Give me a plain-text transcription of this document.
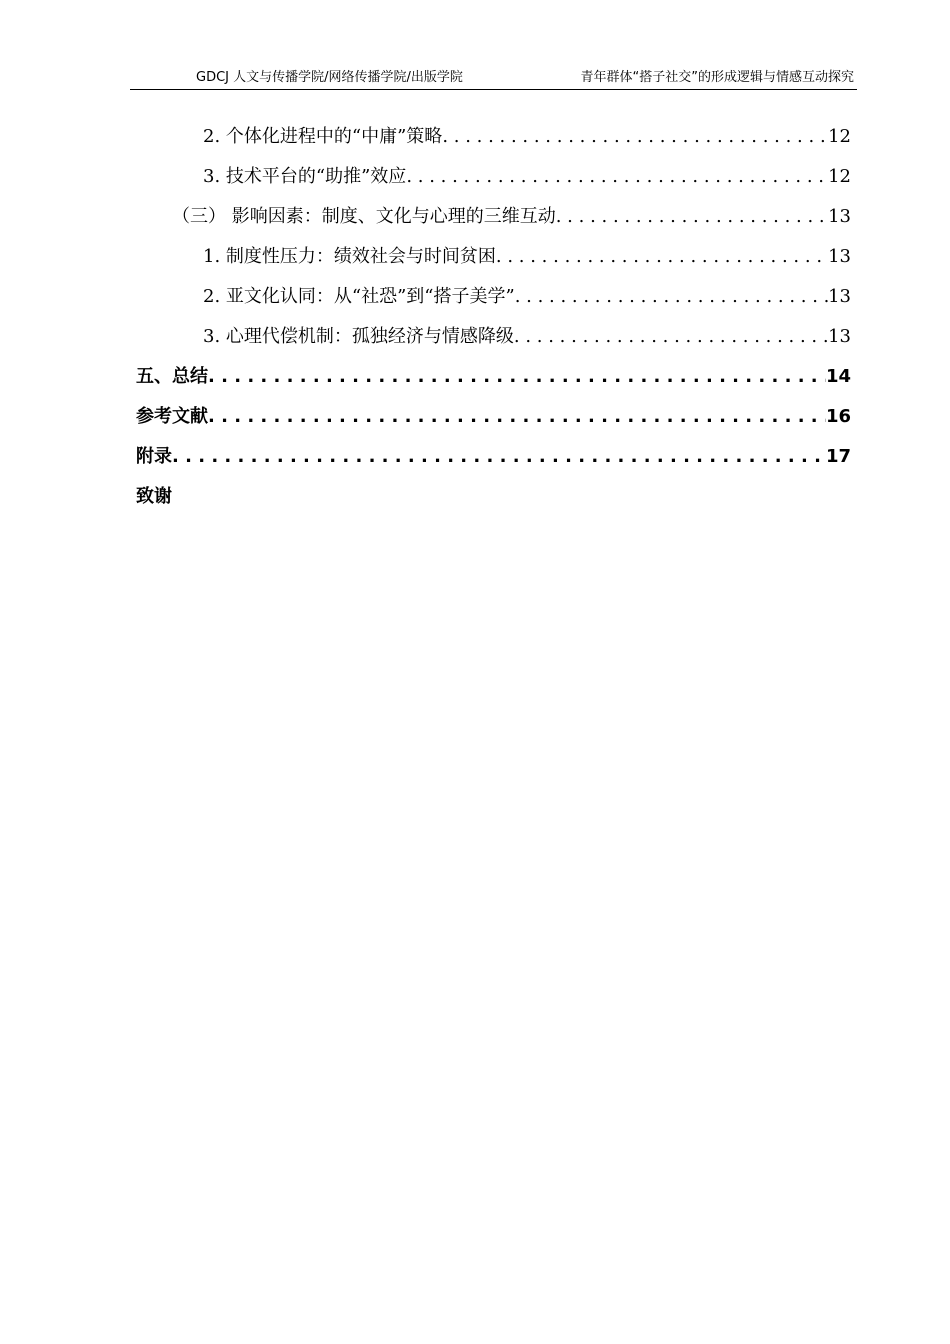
GDCJ 人文与传播学院/网络传播学院/出版学院	青年群体“搭子社交”的形成逻辑与情感互动探究
2. 个体化进程中的“中庸”策略 . . .	12
3. 技术平台的“助推”效应 . . .	12
（三） 影响因素：制度、文化与心理的三维互动 . . .	13
1. 制度性压力：绩效社会与时间贫困 . . .	13
2. 亚文化认同：从“社恐”到“搭子美学” . . .	13
3. 心理代偿机制：孤独经济与情感降级 . . .	13
五、总结 . . .	14
参考文献 . . .	16
附录 . . .	17
致谢
